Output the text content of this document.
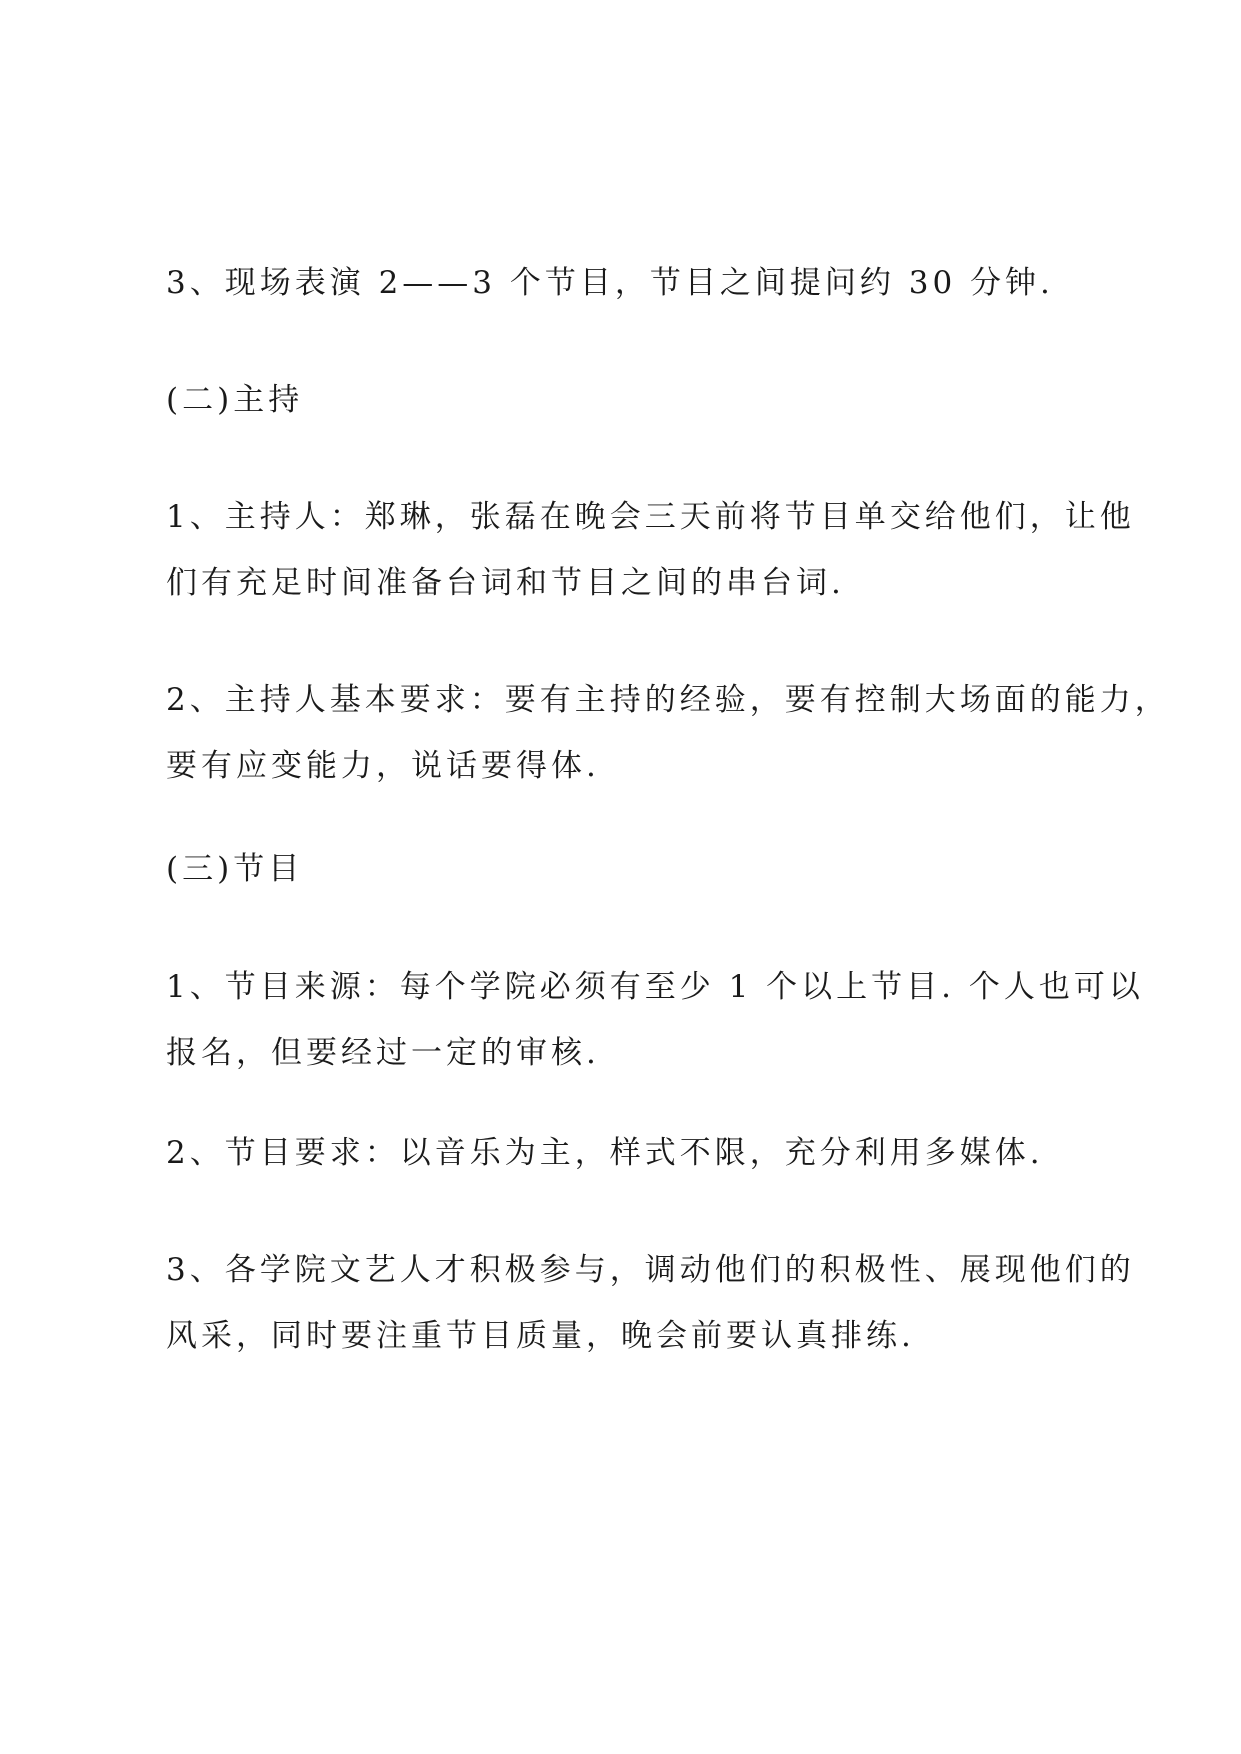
3、现场表演 2——3 个节目，节目之间提问约 30 分钟.

(二)主持

1、主持人：郑琳，张磊在晚会三天前将节目单交给他们，让他
们有充足时间准备台词和节目之间的串台词.

2、主持人基本要求：要有主持的经验，要有控制大场面的能力，
要有应变能力，说话要得体.

(三)节目

1、节目来源：每个学院必须有至少 1 个以上节目. 个人也可以
报名，但要经过一定的审核.

2、节目要求：以音乐为主，样式不限，充分利用多媒体.

3、各学院文艺人才积极参与，调动他们的积极性、展现他们的
风采，同时要注重节目质量，晚会前要认真排练.
